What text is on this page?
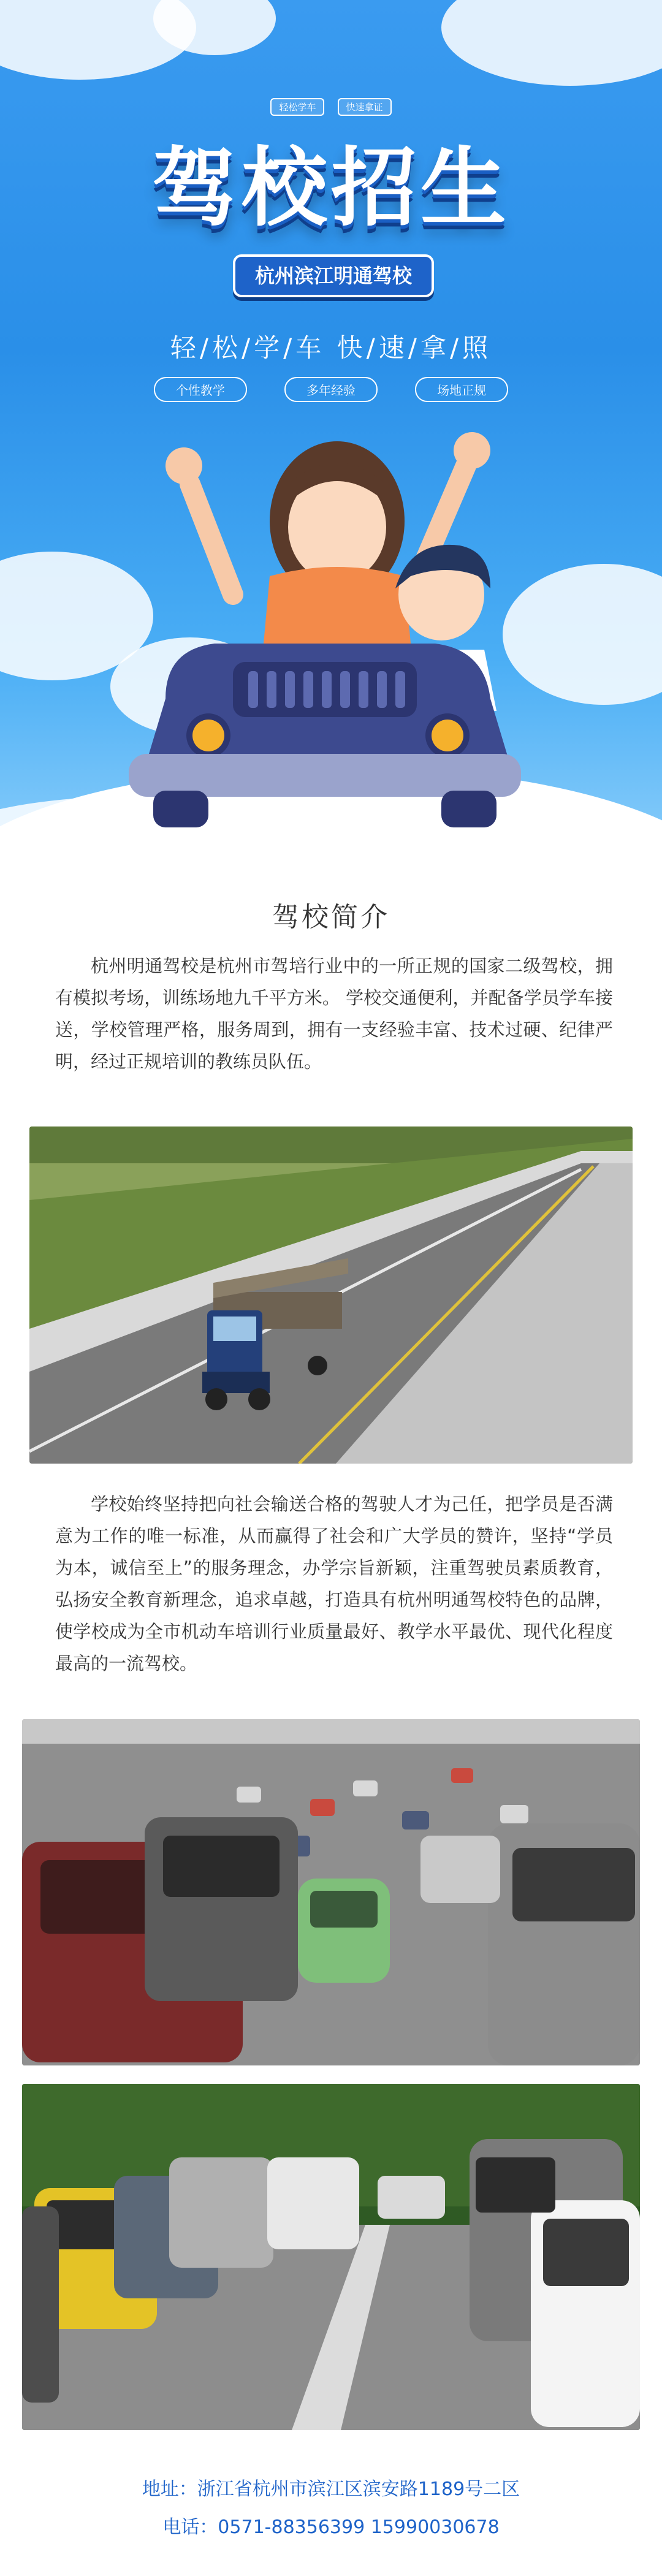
轻松学车	快速拿证
驾校招生
杭州滨江明通驾校
轻/松/学/车 快/速/拿/照
个性教学	多年经验	场地正规
驾校简介
杭州明通驾校是杭州市驾培行业中的一所正规的国家二级驾校，拥有模拟考场，训练场地九千平方米。 学校交通便利，并配备学员学车接送，学校管理严格，服务周到，拥有一支经验丰富、技术过硬、纪律严明，经过正规培训的教练员队伍。
学校始终坚持把向社会输送合格的驾驶人才为己任，把学员是否满意为工作的唯一标准，从而赢得了社会和广大学员的赞许，坚持“学员为本，诚信至上”的服务理念，办学宗旨新颖，注重驾驶员素质教育，弘扬安全教育新理念，追求卓越，打造具有杭州明通驾校特色的品牌，使学校成为全市机动车培训行业质量最好、教学水平最优、现代化程度最高的一流驾校。
地址：浙江省杭州市滨江区滨安路1189号二区
电话：0571-88356399 15990030678
